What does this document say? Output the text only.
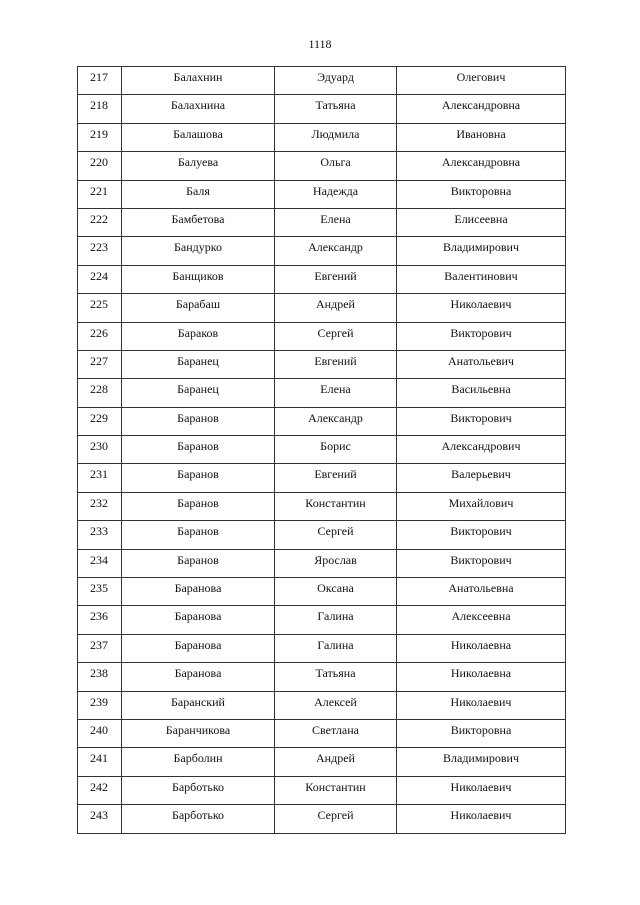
1118
217	Балахнин	Эдуард	Олегович

218	Балахнина	Татьяна	Александровна

219	Балашова	Людмила	Ивановна

220	Балуева	Ольга	Александровна

221	Баля	Надежда	Викторовна

222	Бамбетова	Елена	Елисеевна

223	Бандурко	Александр	Владимирович

224	Банщиков	Евгений	Валентинович

225	Барабаш	Андрей	Николаевич

226	Бараков	Сергей	Викторович

227	Баранец	Евгений	Анатольевич

228	Баранец	Елена	Васильевна

229	Баранов	Александр	Викторович

230	Баранов	Борис	Александрович

231	Баранов	Евгений	Валерьевич

232	Баранов	Константин	Михайлович

233	Баранов	Сергей	Викторович

234	Баранов	Ярослав	Викторович

235	Баранова	Оксана	Анатольевна

236	Баранова	Галина	Алексеевна

237	Баранова	Галина	Николаевна

238	Баранова	Татьяна	Николаевна

239	Баранский	Алексей	Николаевич

240	Баранчикова	Светлана	Викторовна

241	Барболин	Андрей	Владимирович

242	Барботько	Константин	Николаевич

243	Барботько	Сергей	Николаевич
